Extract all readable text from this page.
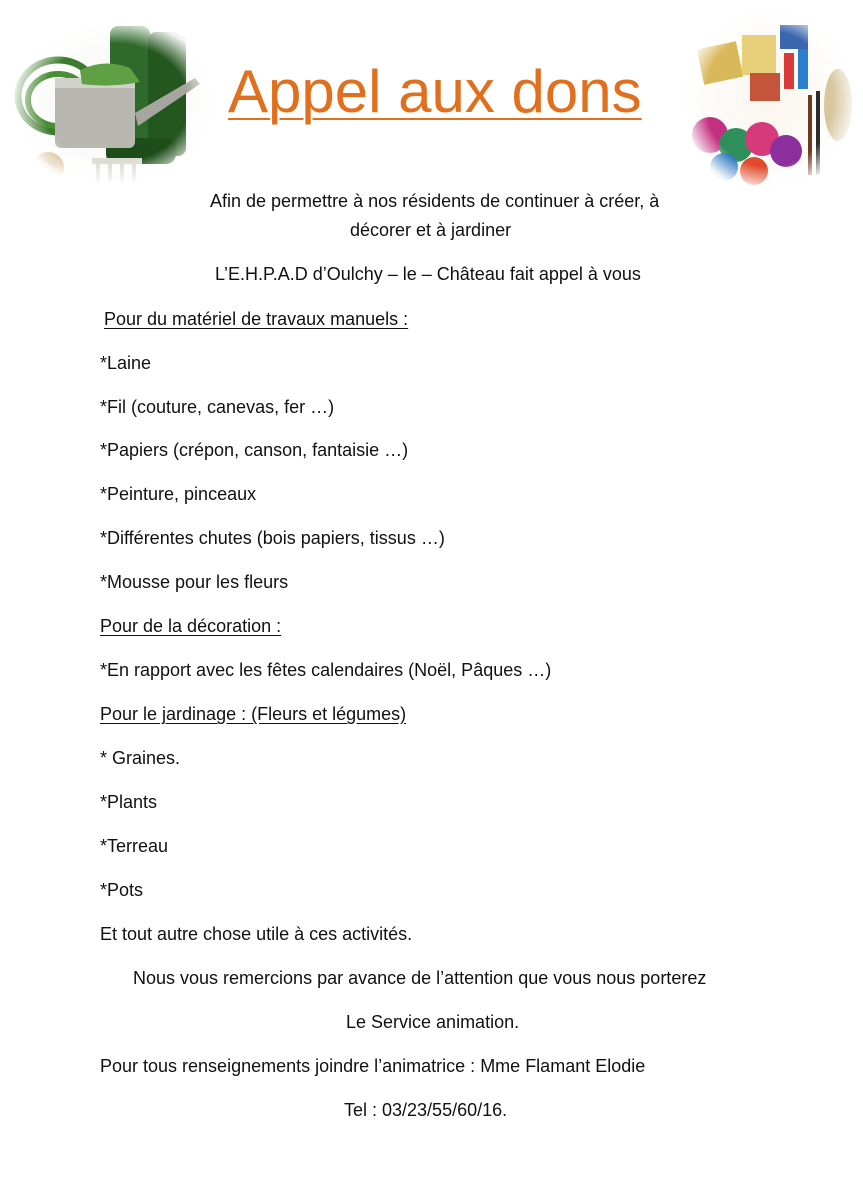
Appel aux dons

Afin de permettre à nos résidents de continuer à créer, à

décorer et à jardiner

L’E.H.P.A.D d’Oulchy – le – Château fait appel à vous

Pour du matériel de travaux manuels :

*Laine

*Fil (couture, canevas, fer …)

*Papiers (crépon, canson, fantaisie …)

*Peinture, pinceaux

*Différentes chutes (bois papiers, tissus …)

*Mousse pour les fleurs

Pour de la décoration :

*En rapport avec les fêtes calendaires (Noël, Pâques …)

Pour le jardinage : (Fleurs et légumes)

* Graines.

*Plants

*Terreau

*Pots

Et tout autre chose utile à ces activités.

Nous vous remercions par avance de l’attention que vous nous porterez

Le Service animation.

Pour tous renseignements joindre l’animatrice : Mme Flamant Elodie

Tel : 03/23/55/60/16.
